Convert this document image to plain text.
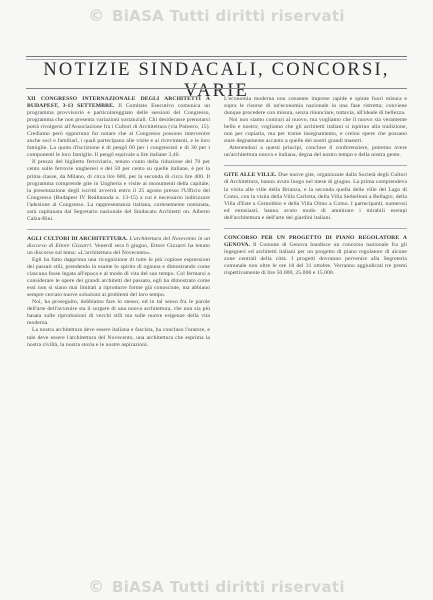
© BiASA Tutti diritti riservati
NOTIZIE SINDACALI, CONCORSI, VARIE

XII CONGRESSO INTERNAZIONALE DEGLI ARCHITETTI A BUDAPEST, 3-13 SETTEMBRE. Il Comitato Esecutivo comunica un programma provvisorio e particolareggiato delle sessioni del Congresso, programma che non presenta variazioni sostanziali. Chi desiderasse prenotarsi potrà rivolgersi all'Associazione fra i Cultori di Architettura (via Palestro, 15). Crediamo però opportuno far notare che al Congresso possono intervenire anche soci e familiari, i quali partecipano alle visite e ai ricevimenti, e le loro famiglie. La quota d'iscrizione è di pengő 60 per i congressisti e di 30 per i componenti le loro famiglie. Il pengő equivale a lire italiane 3,40.

Il prezzo del biglietto ferroviario, tenuto conto della riduzione del 70 per cento sulle ferrovie ungheresi e del 50 per cento su quelle italiane, è per la prima classe, da Milano, di circa lire 600, per la seconda di circa lire 400. Il programma comprende gite in Ungheria e visite ai monumenti della capitale; la presentazione degli iscritti avverrà entro il 25 agosto presso l'Ufficio del Congresso (Budapest IV Reáltanoda u. 13-15) a cui è necessario indirizzare l'adesione al Congresso. La rappresentanza italiana, cortesemente nominata, sarà capitanata dal Segretario nazionale del Sindacato Architetti on. Alberto Calza-Bini.

AGLI CULTORI DI ARCHITETTURA. L'architettura del Novecento in un discorso di Ettore Gizzarri. Venerdì sera 6 giugno, Ettore Gizzarri ha tenuto un discorso sul tema: «L'architettura del Novecento».

Egli ha fatto dapprima una ricognizione di tutte le più copiose espressioni dei passati stili, prendendo in esame lo spirito di ognuna e dimostrando come ciascuna fosse legata all'epoca e al modo di vita del suo tempo. Col fermarsi a considerare le opere dei grandi architetti del passato, egli ha dimostrato come essi non si siano mai limitati a riprodurre forme già conosciute, ma abbiano sempre cercato nuove soluzioni ai problemi del loro tempo.

Noi, ha proseguito, dobbiamo fare lo stesso; ed in tal senso fra le parole dell'arte dell'avvenire sta il sorgere di una nuova architettura, che non sia più basata sulle riproduzioni di vecchi stili ma sulle nuove esigenze della vita moderna.

La nostra architettura deve essere italiana e fascista, ha concluso l'oratore, e tale deve essere l'architettura del Novecento, una architettura che esprima la nostra civiltà, la nostra storia e le nostre aspirazioni.

L'economia moderna non consente imprese rapide e spinte fuori misura e sopra le risorse di un'economia nazionale in una fase ristretta; conviene dunque procedere con misura, senza rinunciare, tuttavia, all'ideale di bellezza.

Noi non siamo contrari al nuovo, ma vogliamo che il nuovo sia veramente bello e nostro; vogliamo che gli architetti italiani si ispirino alla tradizione, non per copiarla, ma per trarne insegnamento, e creino opere che possano stare degnamente accanto a quelle dei nostri grandi maestri.

Attenendosi a questi principi, concluse il conferenziere, potremo avere un'architettura nuova e italiana, degna del nostro tempo e della nostra gente.

GITE ALLE VILLE. Due nuove gite, organizzate dalla Società degli Cultori di Architettura, hanno avuto luogo nel mese di giugno. La prima comprendeva la visita alle ville della Brianza, e la seconda quella delle ville del Lago di Como, con la visita della Villa Carlotta, della Villa Serbelloni a Bellagio, della Villa d'Este a Cernobbio e della Villa Olmo a Como. I partecipanti, numerosi ed entusiasti, hanno avuto modo di ammirare i mirabili esempi dell'architettura e dell'arte dei giardini italiani.

CONCORSO PER UN PROGETTO DI PIANO REGOLATORE A GENOVA. Il Comune di Genova bandisce un concorso nazionale fra gli ingegneri ed architetti italiani per un progetto di piano regolatore di alcune zone centrali della città. I progetti dovranno pervenire alla Segreteria comunale non oltre le ore 18 del 31 ottobre. Verranno aggiudicati tre premi rispettivamente di lire 50.000, 25.000 e 15.000.

© BiASA Tutti diritti riservati
